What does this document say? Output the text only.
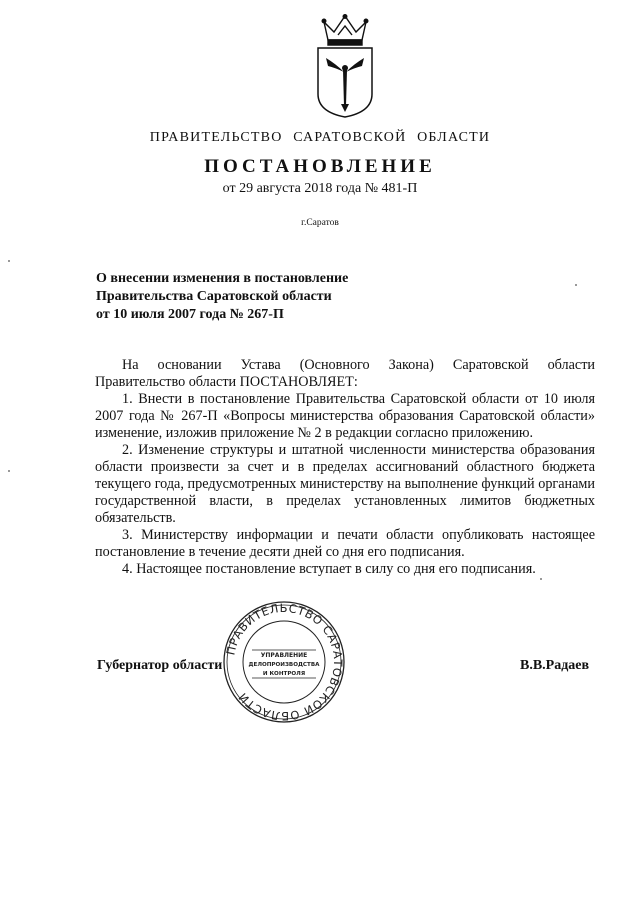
ПРАВИТЕЛЬСТВО САРАТОВСКОЙ ОБЛАСТИ
ПОСТАНОВЛЕНИЕ
от 29 августа 2018 года № 481-П
г.Саратов
О внесении изменения в постановление
Правительства Саратовской области
от 10 июля 2007 года № 267-П

На основании Устава (Основного Закона) Саратовской области Правительство области ПОСТАНОВЛЯЕТ:

1. Внести в постановление Правительства Саратовской области от 10 июля 2007 года № 267-П «Вопросы министерства образования Саратовской области» изменение, изложив приложение № 2 в редакции согласно приложению.

2. Изменение структуры и штатной численности министерства образования области произвести за счет и в пределах ассигнований областного бюджета текущего года, предусмотренных министерству на выполнение функций органами государственной власти, в пределах установленных лимитов бюджетных обязательств.

3. Министерству информации и печати области опубликовать настоящее постановление в течение десяти дней со дня его подписания.

4. Настоящее постановление вступает в силу со дня его подписания.

Губернатор области	В.В.Радаев
ПРАВИТЕЛЬСТВО САРАТОВСКОЙ ОБЛАСТИ
УПРАВЛЕНИЕ
ДЕЛОПРОИЗВОДСТВА
И КОНТРОЛЯ
